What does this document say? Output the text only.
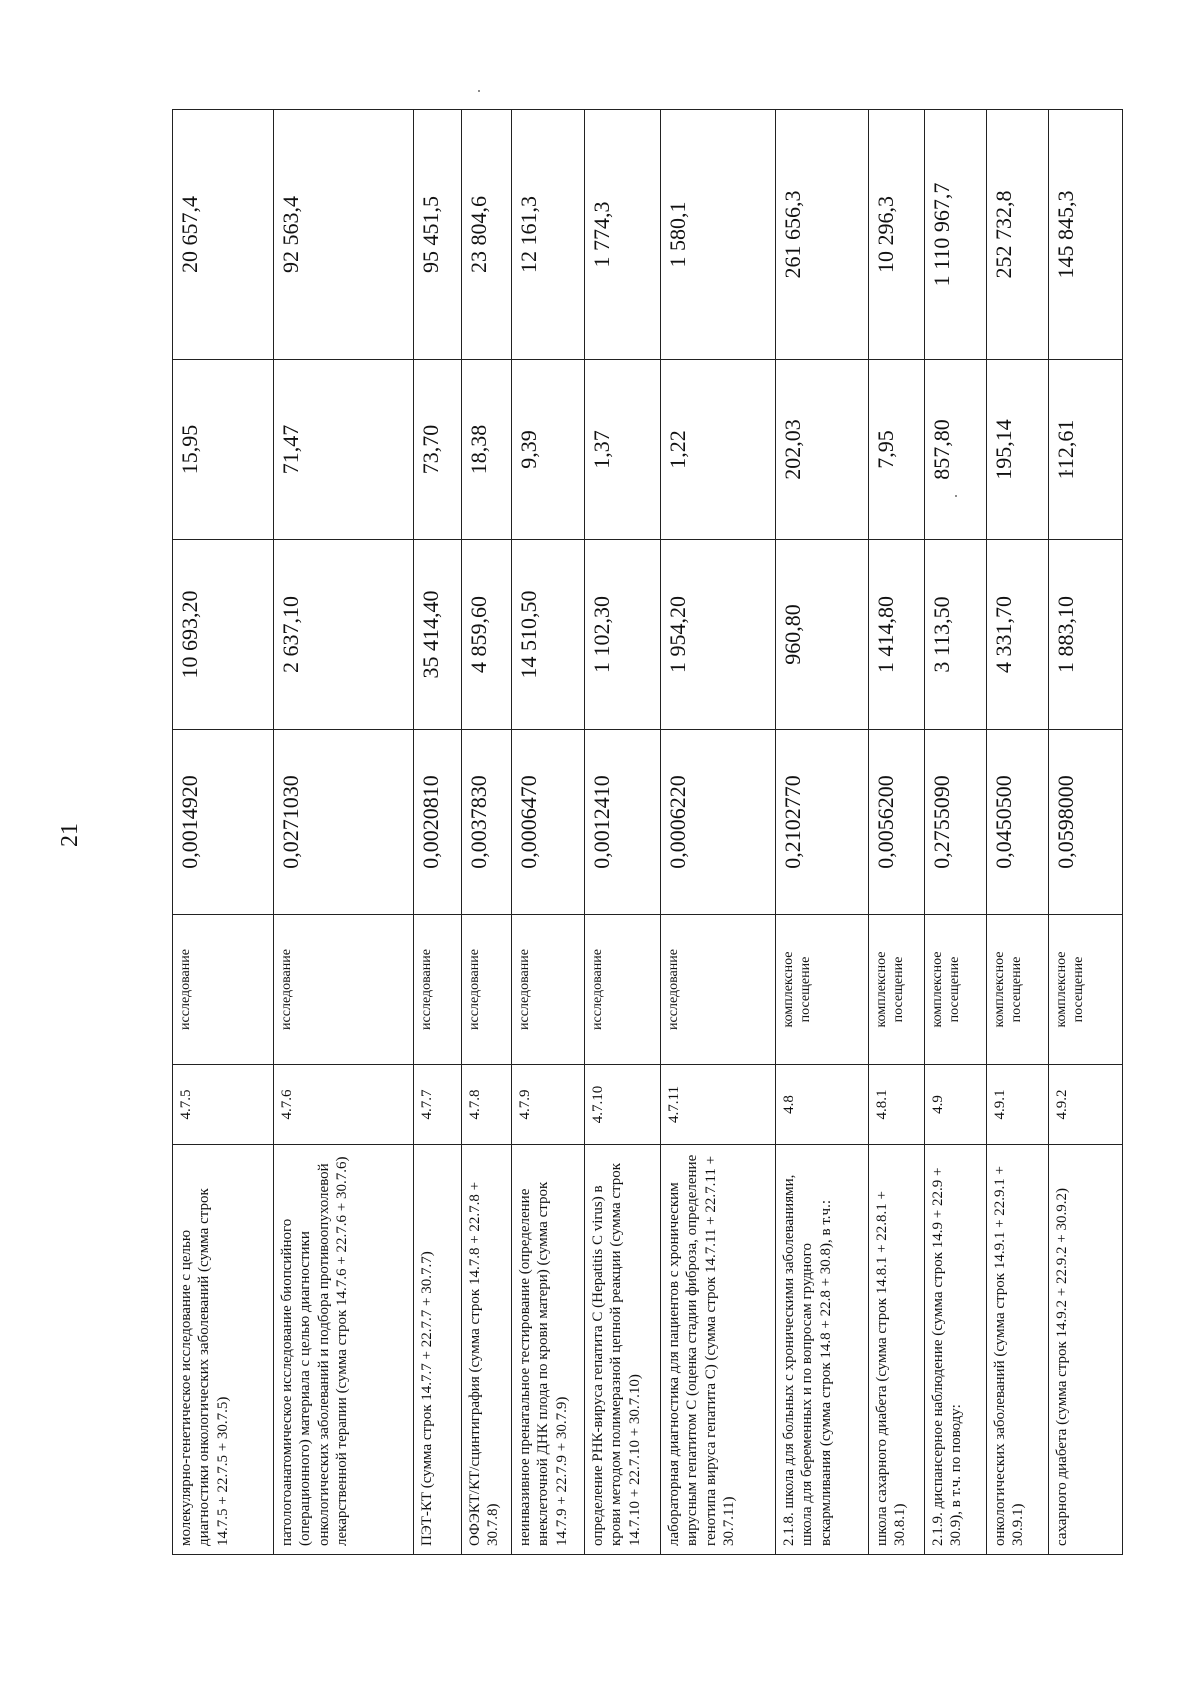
21
молекулярно-генетическое исследование с целью диагностики онкологических заболеваний (сумма строк 14.7.5 + 22.7.5 + 30.7.5)	4.7.5	исследование	0,0014920	10 693,20	15,95	20 657,4
патологоанатомическое исследование биопсийного (операционного) материала с целью диагностики онкологических заболеваний и подбора противоопухолевой лекарственной терапии (сумма строк 14.7.6 + 22.7.6 + 30.7.6)	4.7.6	исследование	0,0271030	2 637,10	71,47	92 563,4
ПЭТ-КТ (сумма строк 14.7.7 + 22.7.7 + 30.7.7)	4.7.7	исследование	0,0020810	35 414,40	73,70	95 451,5
ОФЭКТ/КТ/сцинтиграфия (сумма строк 14.7.8 + 22.7.8 + 30.7.8)	4.7.8	исследование	0,0037830	4 859,60	18,38	23 804,6
неинвазивное пренатальное тестирование (определение внеклеточной ДНК плода по крови матери) (сумма строк 14.7.9 + 22.7.9 + 30.7.9)	4.7.9	исследование	0,0006470	14 510,50	9,39	12 161,3
определение РНК-вируса гепатита C (Hepatitis C virus) в крови методом полимеразной цепной реакции (сумма строк 14.7.10 + 22.7.10 + 30.7.10)	4.7.10	исследование	0,0012410	1 102,30	1,37	1 774,3
лабораторная диагностика для пациентов с хроническим вирусным гепатитом C (оценка стадии фиброза, определение генотипа вируса гепатита C) (сумма строк 14.7.11 + 22.7.11 + 30.7.11)	4.7.11	исследование	0,0006220	1 954,20	1,22	1 580,1
2.1.8. школа для больных с хроническими заболеваниями, школа для беременных и по вопросам грудного вскармливания (сумма строк 14.8 + 22.8 + 30.8), в т.ч.:	4.8	комплексное посещение	0,2102770	960,80	202,03	261 656,3
школа сахарного диабета (сумма строк 14.8.1 + 22.8.1 + 30.8.1)	4.8.1	комплексное посещение	0,0056200	1 414,80	7,95	10 296,3
2.1.9. диспансерное наблюдение (сумма строк 14.9 + 22.9 + 30.9), в т.ч. по поводу:	4.9	комплексное посещение	0,2755090	3 113,50	857,80	1 110 967,7
онкологических заболеваний (сумма строк 14.9.1 + 22.9.1 + 30.9.1)	4.9.1	комплексное посещение	0,0450500	4 331,70	195,14	252 732,8
сахарного диабета (сумма строк 14.9.2 + 22.9.2 + 30.9.2)	4.9.2	комплексное посещение	0,0598000	1 883,10	112,61	145 845,3
